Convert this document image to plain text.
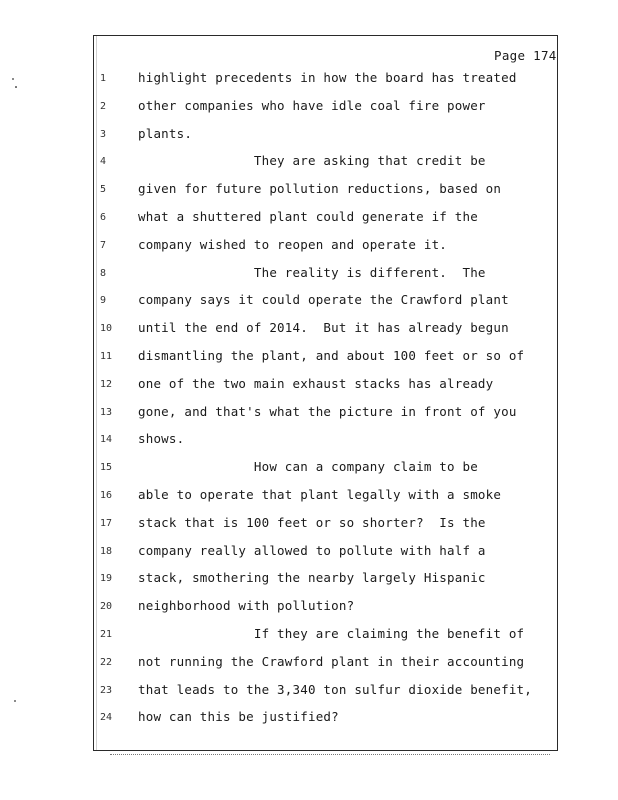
Page 174
1	highlight precedents in how the board has treated
2	other companies who have idle coal fire power
3	plants.
4	They are asking that credit be
5	given for future pollution reductions, based on
6	what a shuttered plant could generate if the
7	company wished to reopen and operate it.
8	The reality is different.  The
9	company says it could operate the Crawford plant
10	until the end of 2014.  But it has already begun
11	dismantling the plant, and about 100 feet or so of
12	one of the two main exhaust stacks has already
13	gone, and that's what the picture in front of you
14	shows.
15	How can a company claim to be
16	able to operate that plant legally with a smoke
17	stack that is 100 feet or so shorter?  Is the
18	company really allowed to pollute with half a
19	stack, smothering the nearby largely Hispanic
20	neighborhood with pollution?
21	If they are claiming the benefit of
22	not running the Crawford plant in their accounting
23	that leads to the 3,340 ton sulfur dioxide benefit,
24	how can this be justified?
